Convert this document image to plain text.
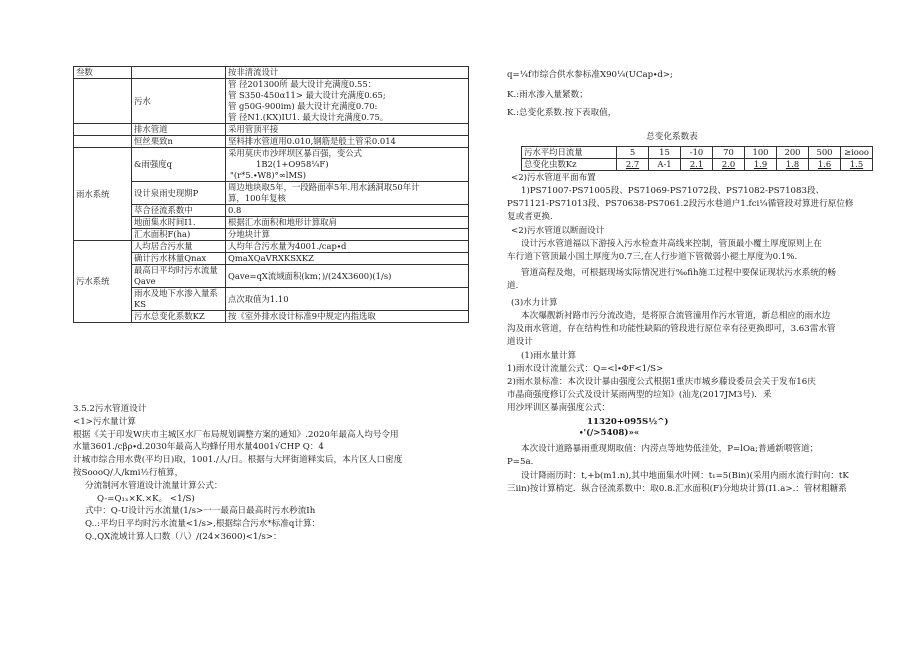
叁数		按非清流设计

	污水	管 径201300所 最大设计充满度0.55：
管 S350-450α11> 最大设计充满度0.65;
管 g50G-900im) 最大设计充满度0.70:
管 径N1.(KX)IU1. 最大设计充满度0.75。

	排水管道	采用管顶平接
	恒丝栗致n	坚料排水管道用0.010,钢筋是般土管采0.014
雨水系统	&雨强度q	采用莫庆市沙坪坝区暴百强，变公式
1B2(1+O958¼F)
"(r*5.∙W8)°∞lMS)

	设计泉雨史现期P	周边地块取5年，一段路面率5年.用水涵洞取50年计
算，100年复核

	萃合径流系数中	0.8
	地面集水时间I1.	根据汇水面积和地形计算取肩
	汇水面积F(ha)	分地块计算
污水系统	人均居合污水量	人均年合污水量为4001./cap∙d
	确计污水林量Qnax	QmaXQaVRXKSXKZ
	最高日平均时污水流量Qave	Qave=qX流域面积(km；)/(24X3600)(1/s)
	雨水及地下水渗入量系KS	点次取值为1.10
	污水总变化系数KZ	按《室外排水设计标准9中规定内指选取

3.5.2污水管道设计

<1>污水量计算

根据《关于印发W庆市主城区水厂布局规划调整方案的通知》.2020年最高人均号令用

水量3601./cβρ∙d.2030年最高人均蜂仔用水量4001√CHP Q：4

计城市综合用水费(平均日)取，1001./人/日。根据与大坪街道释实后，本片区人口密度

按SoooQ∕人/kmi½行植算，

分流制河水管道设计流量计算公式：

Q-=Q₁ₓ×K.×K。 <1/S)

式中：Q-U设计污水流量(1/s>一一最高日最高时污水秒流Ih

Q..:平均日平均时污水流量<1∕s>,根据综合污水*标准q计算：

Q.,QX流域计算人口数（八）/(24×3600)<1∕s>：

q=¼f市综合供水参标准X90¼(UCap∙d>;

K.:雨水渗入量紧数；

K.:总变化系数.按下表取值，

总变化系数表

污水平均日流量	5	15	-10	70	100	200	500	≥iooo
总变化虫数Kz	2.7	A-1	2.1	2.0	1.9	1.8	1.6	1.5

<2)污水管道平面布置

1)PS71007-PS71005段、PS71069-PS71072段、PS71082-PS71083段、

PS71121-PS71013段、PS70638-PS7061.2段污水巷道户1.fci¼循管段对算进行原位修

复或者更换.

<2)污水管道以断面设计

设计污水管道福以下游接入污水检查井高线来控制，管顶最小覆土厚度原则上在

车行道下管顶最小国土厚度为0.7三,在人行步道下管微弱小褪土厚度为0.1%.

管道高程及炮，可根据现场实际情况进行‰fih施工过程中要保证现状污水系统的畅

道.

(3)水力计算

本次爆靓新衬路市污分流改造，是将原合流管潼用作污水管道，新总相应的雨水边

沟及雨水管道，存在结构性和功能性缺陷的管段进行原位幸有径更换即可，3.63雷水管

道设计

(1)雨水量计算

1)雨水设计流量公式：Q=<l∙ΦF<1∕S>

2)雨水景标准：本次设计暴由强度公式根据1重庆市城乡藤设委员会关于发布16庆

市晶商强度修订公式及设计某雨两型的垃知》(汕龙(2017JM3号)．釆

用沙坪训区暴南强度公式：

11320+095S½^)

∙'(/>5408)»«

本次设计道路暴雨重现期取值：内涝点等地势低洼处，P=lOa;普通新喂管道；

P=5a.

设计降雨历时：t,+b(m1.n),其中地面集水叶网：t₁=5(Bin)(采用内雨水流行时向：tK

三iin)按计算梢定．纵合径流系数中：取0.8.汇水面积(F)分地块计算(I1.a>.：管材粗糖系
